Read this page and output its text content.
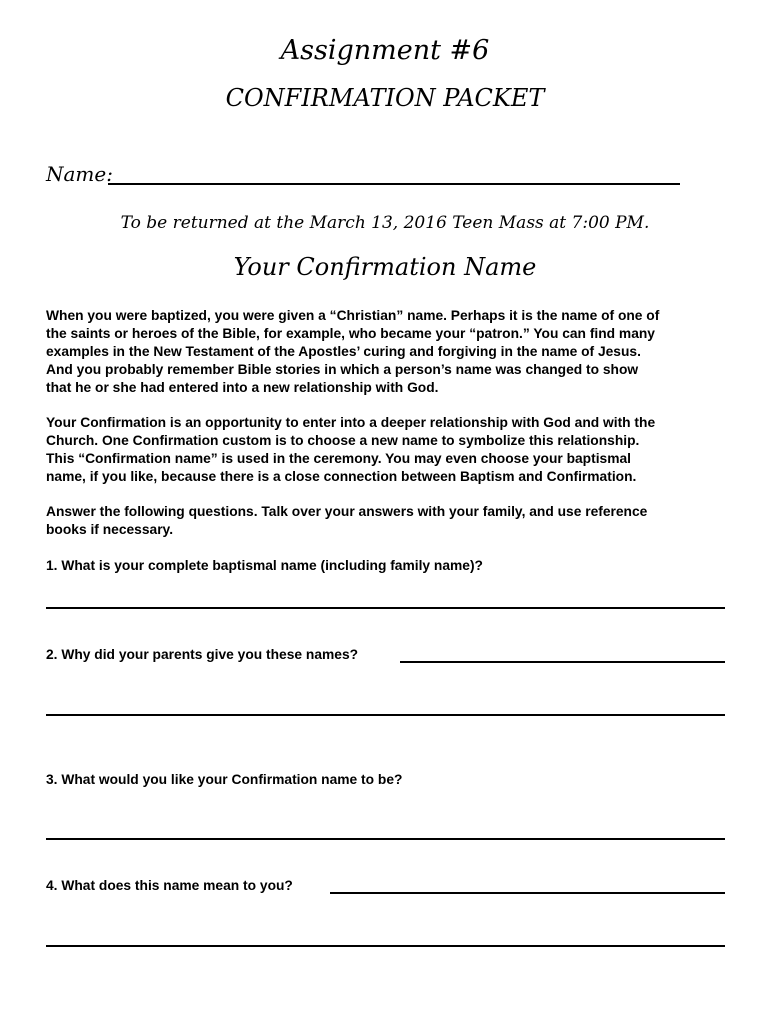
Assignment #6
CONFIRMATION PACKET
Name:
To be returned at the March 13, 2016 Teen Mass at 7:00 PM.
Your Confirmation Name

When you were baptized, you were given a “Christian” name. Perhaps it is the name of one of
the saints or heroes of the Bible, for example, who became your “patron.” You can find many
examples in the New Testament of the Apostles’ curing and forgiving in the name of Jesus.
And you probably remember Bible stories in which a person’s name was changed to show
that he or she had entered into a new relationship with God.

Your Confirmation is an opportunity to enter into a deeper relationship with God and with the
Church. One Confirmation custom is to choose a new name to symbolize this relationship.
This “Confirmation name” is used in the ceremony. You may even choose your baptismal
name, if you like, because there is a close connection between Baptism and Confirmation.

Answer the following questions. Talk over your answers with your family, and use reference
books if necessary.

1. What is your complete baptismal name (including family name)?
2. Why did your parents give you these names?
3. What would you like your Confirmation name to be?
4. What does this name mean to you?
